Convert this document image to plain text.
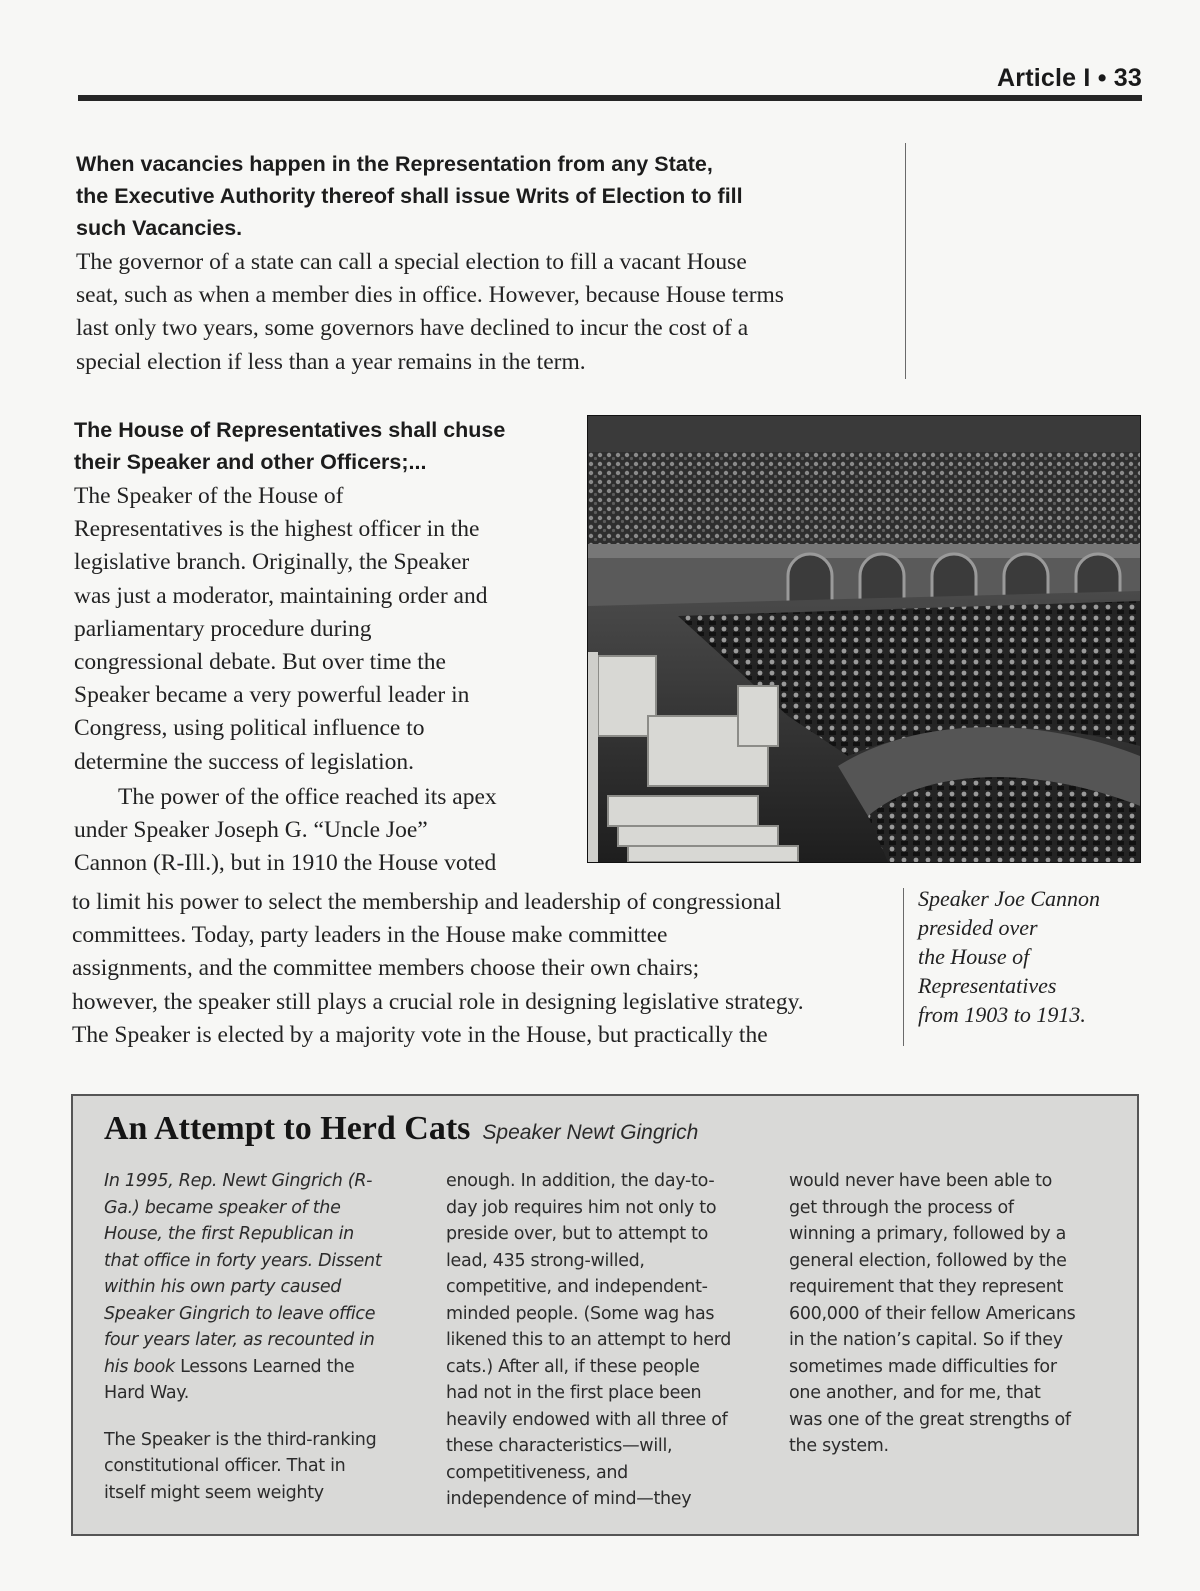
Article I • 33
When vacancies happen in the Representation from any State,
the Executive Authority thereof shall issue Writs of Election to fill
such Vacancies.
The governor of a state can call a special election to fill a vacant House
seat, such as when a member dies in office. However, because House terms
last only two years, some governors have declined to incur the cost of a
special election if less than a year remains in the term.
The House of Representatives shall chuse
their Speaker and other Officers;...
The Speaker of the House of
Representatives is the highest officer in the
legislative branch. Originally, the Speaker
was just a moderator, maintaining order and
parliamentary procedure during
congressional debate. But over time the
Speaker became a very powerful leader in
Congress, using political influence to
determine the success of legislation.
The power of the office reached its apex
under Speaker Joseph G. “Uncle Joe”
Cannon (R-Ill.), but in 1910 the House voted
to limit his power to select the membership and leadership of congressional
committees. Today, party leaders in the House make committee
assignments, and the committee members choose their own chairs;
however, the speaker still plays a crucial role in designing legislative strategy.
The Speaker is elected by a majority vote in the House, but practically the
Speaker Joe Cannon
presided over
the House of
Representatives
from 1903 to 1913.
An Attempt to Herd Cats Speaker Newt Gingrich
In 1995, Rep. Newt Gingrich (R-
Ga.) became speaker of the
House, the first Republican in
that office in forty years. Dissent
within his own party caused
Speaker Gingrich to leave office
four years later, as recounted in
his book Lessons Learned the
Hard Way.
The Speaker is the third-ranking
constitutional officer. That in
itself might seem weighty
enough. In addition, the day-to-
day job requires him not only to
preside over, but to attempt to
lead, 435 strong-willed,
competitive, and independent-
minded people. (Some wag has
likened this to an attempt to herd
cats.) After all, if these people
had not in the first place been
heavily endowed with all three of
these characteristics—will,
competitiveness, and
independence of mind—they
would never have been able to
get through the process of
winning a primary, followed by a
general election, followed by the
requirement that they represent
600,000 of their fellow Americans
in the nation’s capital. So if they
sometimes made difficulties for
one another, and for me, that
was one of the great strengths of
the system.
